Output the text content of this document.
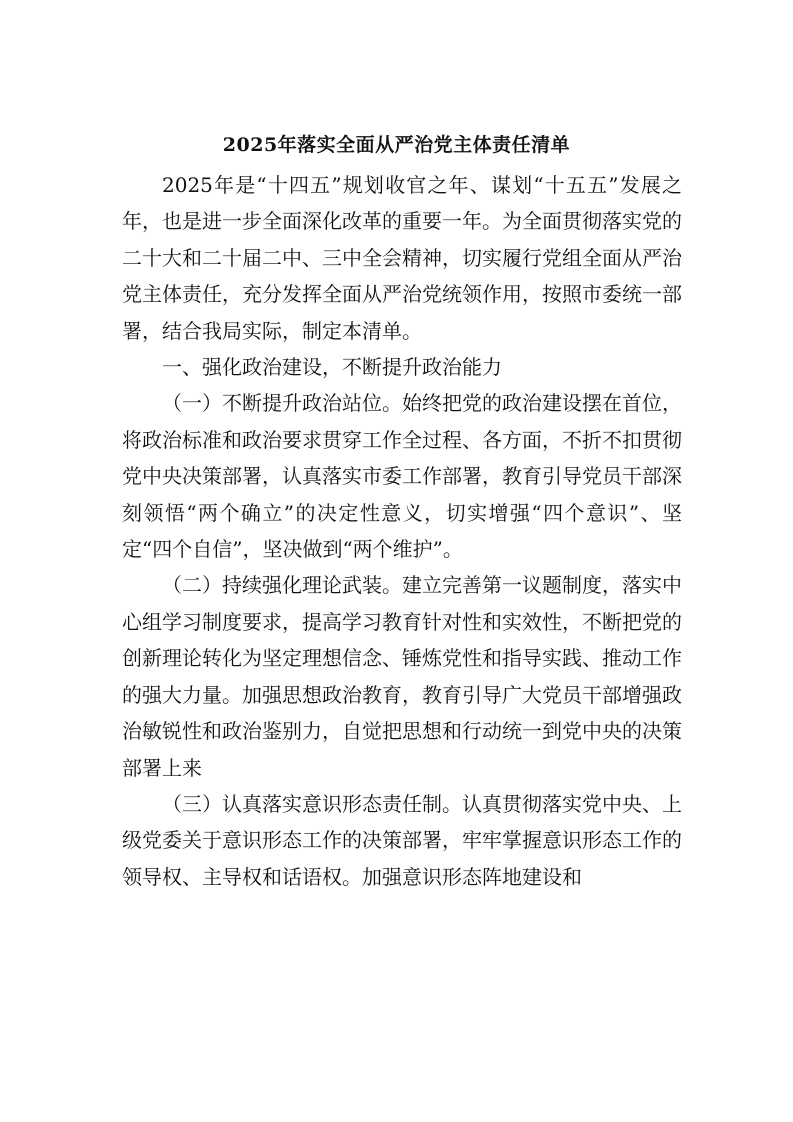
2025年落实全面从严治党主体责任清单

2025年是“十四五”规划收官之年、谋划“十五五”发展之年，也是进一步全面深化改革的重要一年。为全面贯彻落实党的二十大和二十届二中、三中全会精神，切实履行党组全面从严治党主体责任，充分发挥全面从严治党统领作用，按照市委统一部署，结合我局实际，制定本清单。

一、强化政治建设，不断提升政治能力

（一）不断提升政治站位。始终把党的政治建设摆在首位，将政治标准和政治要求贯穿工作全过程、各方面，不折不扣贯彻党中央决策部署，认真落实市委工作部署，教育引导党员干部深刻领悟“两个确立”的决定性意义，切实增强“四个意识”、坚定“四个自信”，坚决做到“两个维护”。

（二）持续强化理论武装。建立完善第一议题制度，落实中心组学习制度要求，提高学习教育针对性和实效性，不断把党的创新理论转化为坚定理想信念、锤炼党性和指导实践、推动工作的强大力量。加强思想政治教育，教育引导广大党员干部增强政治敏锐性和政治鉴别力，自觉把思想和行动统一到党中央的决策部署上来

（三）认真落实意识形态责任制。认真贯彻落实党中央、上级党委关于意识形态工作的决策部署，牢牢掌握意识形态工作的领导权、主导权和话语权。加强意识形态阵地建设和
